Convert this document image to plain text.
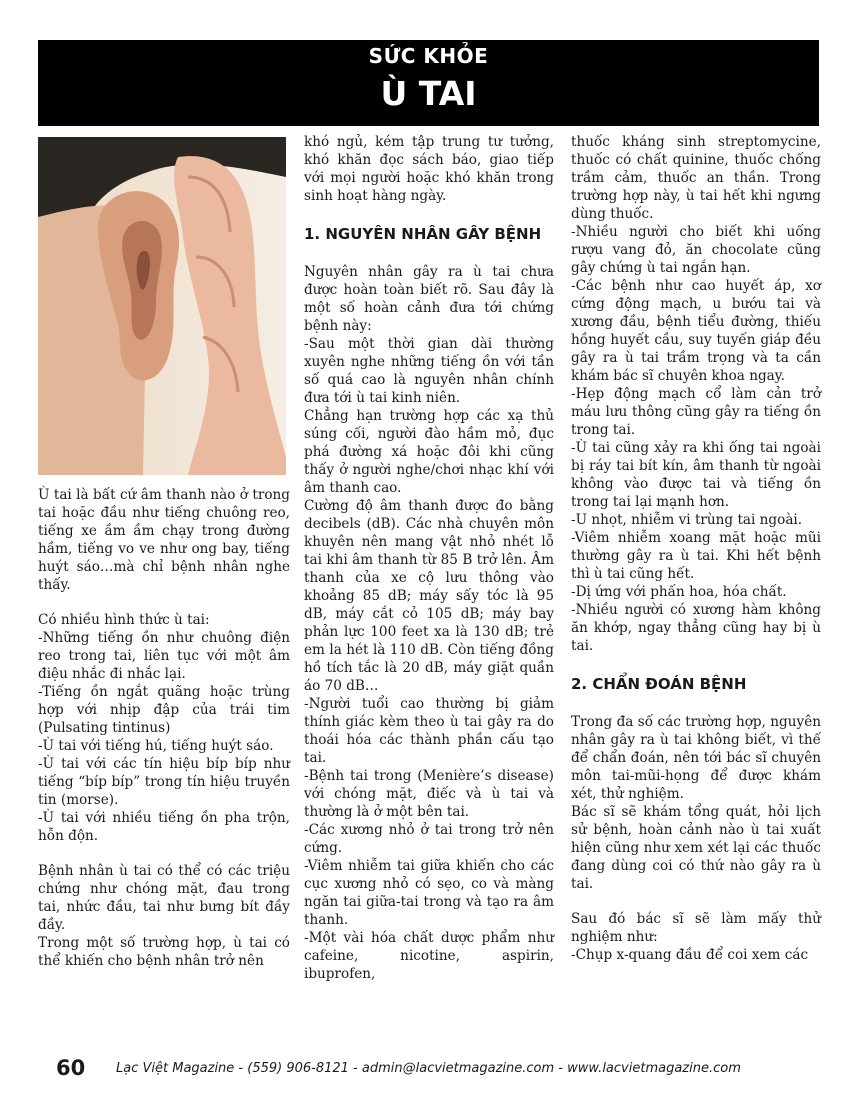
SỨC KHỎE
Ù TAI

Ù tai là bất cứ âm thanh nào ở trong tai hoặc đầu như tiếng chuông reo, tiếng xe ầm ầm chạy trong đường hầm, tiếng vo ve như ong bay, tiếng huýt sáo…mà chỉ bệnh nhân nghe thấy.

Có nhiều hình thức ù tai:

-Những tiếng ồn như chuông điện reo trong tai, liên tục với một âm điệu nhắc đi nhắc lại.

-Tiếng ồn ngắt quãng hoặc trùng hợp với nhịp đập của trái tim (Pulsating tintinus)

-Ù tai với tiếng hú, tiếng huýt sáo.

-Ù tai với các tín hiệu bíp bíp như tiếng “bíp bíp” trong tín hiệu truyền tin (morse).

-Ù tai với nhiều tiếng ồn pha trộn, hỗn độn.

Bệnh nhân ù tai có thể có các triệu chứng như chóng mặt, đau trong tai, nhức đầu, tai như bưng bít đầy đầy.

Trong một số trường hợp, ù tai có thể khiến cho bệnh nhân trở nên

khó ngủ, kém tập trung tư tưởng, khó khăn đọc sách báo, giao tiếp với mọi người hoặc khó khăn trong sinh hoạt hàng ngày.

1. NGUYÊN NHÂN GÂY BỆNH

Nguyên nhân gây ra ù tai chưa được hoàn toàn biết rõ. Sau đây là một số hoàn cảnh đưa tới chứng bệnh này:

-Sau một thời gian dài thường xuyên nghe những tiếng ồn với tần số quá cao là nguyên nhân chính đưa tới ù tai kinh niên.

Chẳng hạn trường hợp các xạ thủ súng cối, người đào hầm mỏ, đục phá đường xá hoặc đôi khi cũng thấy ở người nghe/chơi nhạc khí với âm thanh cao.

Cường độ âm thanh được đo bằng decibels (dB). Các nhà chuyên môn khuyên nên mang vật nhỏ nhét lỗ tai khi âm thanh từ 85 B trở lên. Âm thanh của xe cộ lưu thông vào khoảng 85 dB; máy sấy tóc là 95 dB, máy cắt cỏ 105 dB; máy bay phản lực 100 feet xa là 130 dB; trẻ em la hét là 110 dB. Còn tiếng đồng hồ tích tắc là 20 dB, máy giặt quần áo 70 dB…

-Người tuổi cao thường bị giảm thính giác kèm theo ù tai gây ra do thoái hóa các thành phần cấu tạo tai.

-Bệnh tai trong (Menière’s disease) với chóng mặt, điếc và ù tai và thường là ở một bên tai.

-Các xương nhỏ ở tai trong trở nên cứng.

-Viêm nhiễm tai giữa khiến cho các cục xương nhỏ có sẹo, co và màng ngăn tai giữa-tai trong và tạo ra âm thanh.

-Một vài hóa chất dược phẩm như cafeine, nicotine, aspirin, ibuprofen,

thuốc kháng sinh streptomycine, thuốc có chất quinine, thuốc chống trầm cảm, thuốc an thần. Trong trường hợp này, ù tai hết khi ngưng dùng thuốc.

-Nhiều người cho biết khi uống rượu vang đỏ, ăn chocolate cũng gây chứng ù tai ngắn hạn.

-Các bệnh như cao huyết áp, xơ cứng động mạch, u bướu tai và xương đầu, bệnh tiểu đường, thiếu hồng huyết cầu, suy tuyến giáp đều gây ra ù tai trầm trọng và ta cần khám bác sĩ chuyên khoa ngay.

-Hẹp động mạch cổ làm cản trở máu lưu thông cũng gây ra tiếng ồn trong tai.

-Ù tai cũng xảy ra khi ống tai ngoài bị ráy tai bít kín, âm thanh từ ngoài không vào được tai và tiếng ồn trong tai lại mạnh hơn.

-U nhọt, nhiễm vi trùng tai ngoài.

-Viêm nhiễm xoang mặt hoặc mũi thường gây ra ù tai. Khi hết bệnh thì ù tai cũng hết.

-Dị ứng với phấn hoa, hóa chất.

-Nhiều người có xương hàm không ăn khớp, ngay thẳng cũng hay bị ù tai.

2. CHẨN ĐOÁN BỆNH

Trong đa số các trường hợp, nguyên nhân gây ra ù tai không biết, vì thế để chẩn đoán, nên tới bác sĩ chuyên môn tai-mũi-họng để được khám xét, thử nghiệm.

Bác sĩ sẽ khám tổng quát, hỏi lịch sử bệnh, hoàn cảnh nào ù tai xuất hiện cũng như xem xét lại các thuốc đang dùng coi có thứ nào gây ra ù tai.

Sau đó bác sĩ sẽ làm mấy thử nghiệm như:

-Chụp x-quang đầu để coi xem các

60 Lạc Việt Magazine - (559) 906-8121 - admin@lacvietmagazine.com - www.lacvietmagazine.com
